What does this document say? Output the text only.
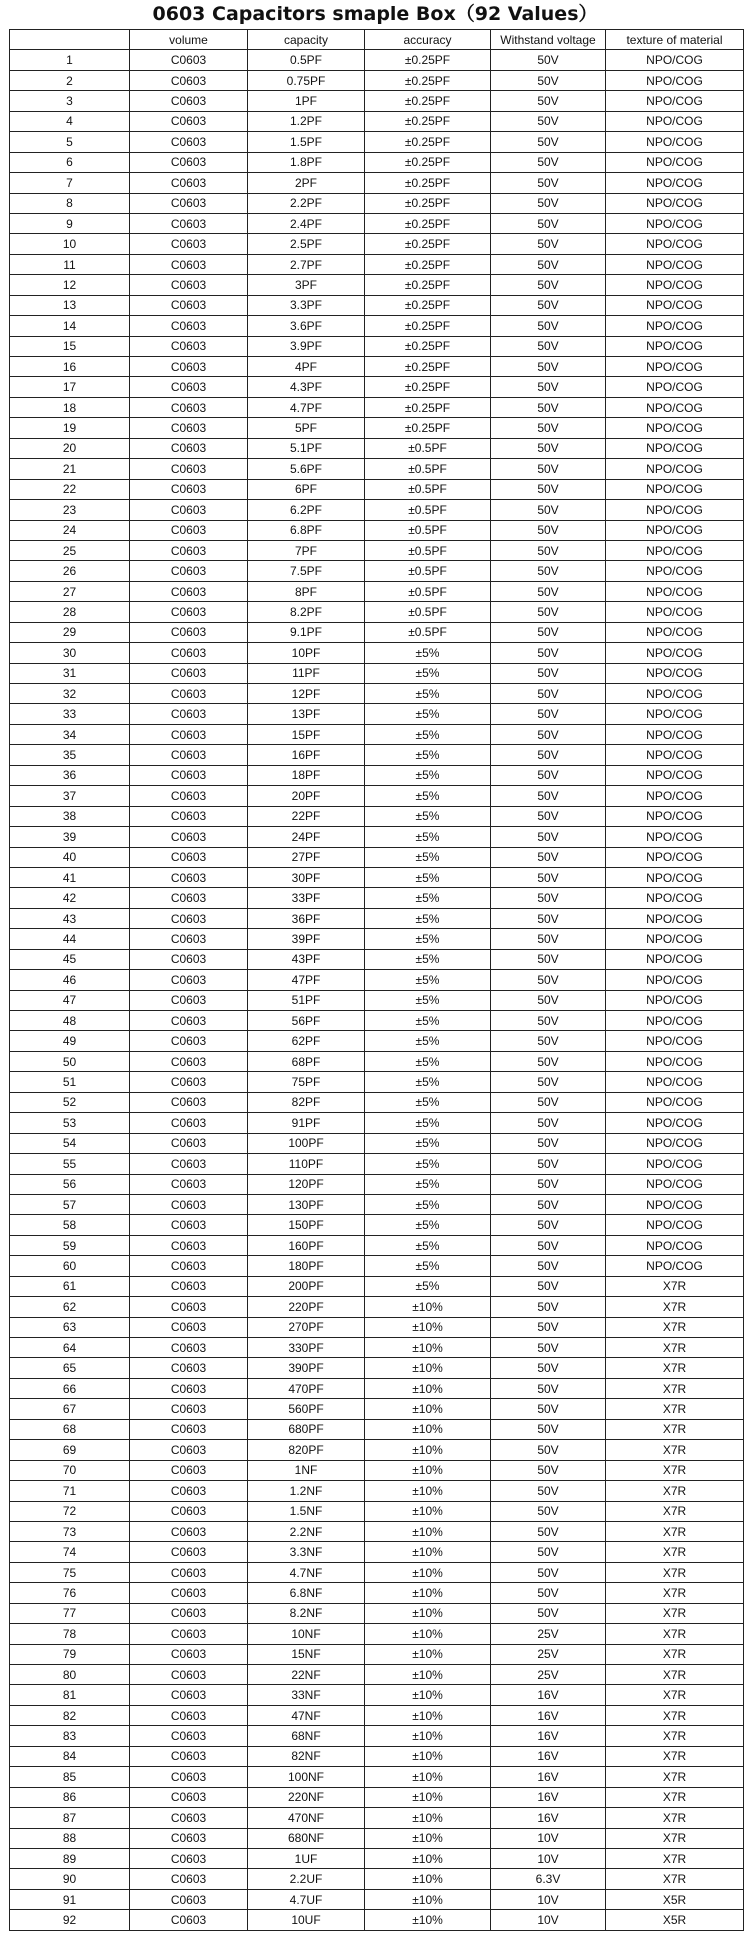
0603 Capacitors smaple Box（92 Values）
	volume	capacity	accuracy	Withstand voltage	texture of material
1	C0603	0.5PF	±0.25PF	50V	NPO/COG
2	C0603	0.75PF	±0.25PF	50V	NPO/COG
3	C0603	1PF	±0.25PF	50V	NPO/COG
4	C0603	1.2PF	±0.25PF	50V	NPO/COG
5	C0603	1.5PF	±0.25PF	50V	NPO/COG
6	C0603	1.8PF	±0.25PF	50V	NPO/COG
7	C0603	2PF	±0.25PF	50V	NPO/COG
8	C0603	2.2PF	±0.25PF	50V	NPO/COG
9	C0603	2.4PF	±0.25PF	50V	NPO/COG
10	C0603	2.5PF	±0.25PF	50V	NPO/COG
11	C0603	2.7PF	±0.25PF	50V	NPO/COG
12	C0603	3PF	±0.25PF	50V	NPO/COG
13	C0603	3.3PF	±0.25PF	50V	NPO/COG
14	C0603	3.6PF	±0.25PF	50V	NPO/COG
15	C0603	3.9PF	±0.25PF	50V	NPO/COG
16	C0603	4PF	±0.25PF	50V	NPO/COG
17	C0603	4.3PF	±0.25PF	50V	NPO/COG
18	C0603	4.7PF	±0.25PF	50V	NPO/COG
19	C0603	5PF	±0.25PF	50V	NPO/COG
20	C0603	5.1PF	±0.5PF	50V	NPO/COG
21	C0603	5.6PF	±0.5PF	50V	NPO/COG
22	C0603	6PF	±0.5PF	50V	NPO/COG
23	C0603	6.2PF	±0.5PF	50V	NPO/COG
24	C0603	6.8PF	±0.5PF	50V	NPO/COG
25	C0603	7PF	±0.5PF	50V	NPO/COG
26	C0603	7.5PF	±0.5PF	50V	NPO/COG
27	C0603	8PF	±0.5PF	50V	NPO/COG
28	C0603	8.2PF	±0.5PF	50V	NPO/COG
29	C0603	9.1PF	±0.5PF	50V	NPO/COG
30	C0603	10PF	±5%	50V	NPO/COG
31	C0603	11PF	±5%	50V	NPO/COG
32	C0603	12PF	±5%	50V	NPO/COG
33	C0603	13PF	±5%	50V	NPO/COG
34	C0603	15PF	±5%	50V	NPO/COG
35	C0603	16PF	±5%	50V	NPO/COG
36	C0603	18PF	±5%	50V	NPO/COG
37	C0603	20PF	±5%	50V	NPO/COG
38	C0603	22PF	±5%	50V	NPO/COG
39	C0603	24PF	±5%	50V	NPO/COG
40	C0603	27PF	±5%	50V	NPO/COG
41	C0603	30PF	±5%	50V	NPO/COG
42	C0603	33PF	±5%	50V	NPO/COG
43	C0603	36PF	±5%	50V	NPO/COG
44	C0603	39PF	±5%	50V	NPO/COG
45	C0603	43PF	±5%	50V	NPO/COG
46	C0603	47PF	±5%	50V	NPO/COG
47	C0603	51PF	±5%	50V	NPO/COG
48	C0603	56PF	±5%	50V	NPO/COG
49	C0603	62PF	±5%	50V	NPO/COG
50	C0603	68PF	±5%	50V	NPO/COG
51	C0603	75PF	±5%	50V	NPO/COG
52	C0603	82PF	±5%	50V	NPO/COG
53	C0603	91PF	±5%	50V	NPO/COG
54	C0603	100PF	±5%	50V	NPO/COG
55	C0603	110PF	±5%	50V	NPO/COG
56	C0603	120PF	±5%	50V	NPO/COG
57	C0603	130PF	±5%	50V	NPO/COG
58	C0603	150PF	±5%	50V	NPO/COG
59	C0603	160PF	±5%	50V	NPO/COG
60	C0603	180PF	±5%	50V	NPO/COG
61	C0603	200PF	±5%	50V	X7R
62	C0603	220PF	±10%	50V	X7R
63	C0603	270PF	±10%	50V	X7R
64	C0603	330PF	±10%	50V	X7R
65	C0603	390PF	±10%	50V	X7R
66	C0603	470PF	±10%	50V	X7R
67	C0603	560PF	±10%	50V	X7R
68	C0603	680PF	±10%	50V	X7R
69	C0603	820PF	±10%	50V	X7R
70	C0603	1NF	±10%	50V	X7R
71	C0603	1.2NF	±10%	50V	X7R
72	C0603	1.5NF	±10%	50V	X7R
73	C0603	2.2NF	±10%	50V	X7R
74	C0603	3.3NF	±10%	50V	X7R
75	C0603	4.7NF	±10%	50V	X7R
76	C0603	6.8NF	±10%	50V	X7R
77	C0603	8.2NF	±10%	50V	X7R
78	C0603	10NF	±10%	25V	X7R
79	C0603	15NF	±10%	25V	X7R
80	C0603	22NF	±10%	25V	X7R
81	C0603	33NF	±10%	16V	X7R
82	C0603	47NF	±10%	16V	X7R
83	C0603	68NF	±10%	16V	X7R
84	C0603	82NF	±10%	16V	X7R
85	C0603	100NF	±10%	16V	X7R
86	C0603	220NF	±10%	16V	X7R
87	C0603	470NF	±10%	16V	X7R
88	C0603	680NF	±10%	10V	X7R
89	C0603	1UF	±10%	10V	X7R
90	C0603	2.2UF	±10%	6.3V	X7R
91	C0603	4.7UF	±10%	10V	X5R
92	C0603	10UF	±10%	10V	X5R
